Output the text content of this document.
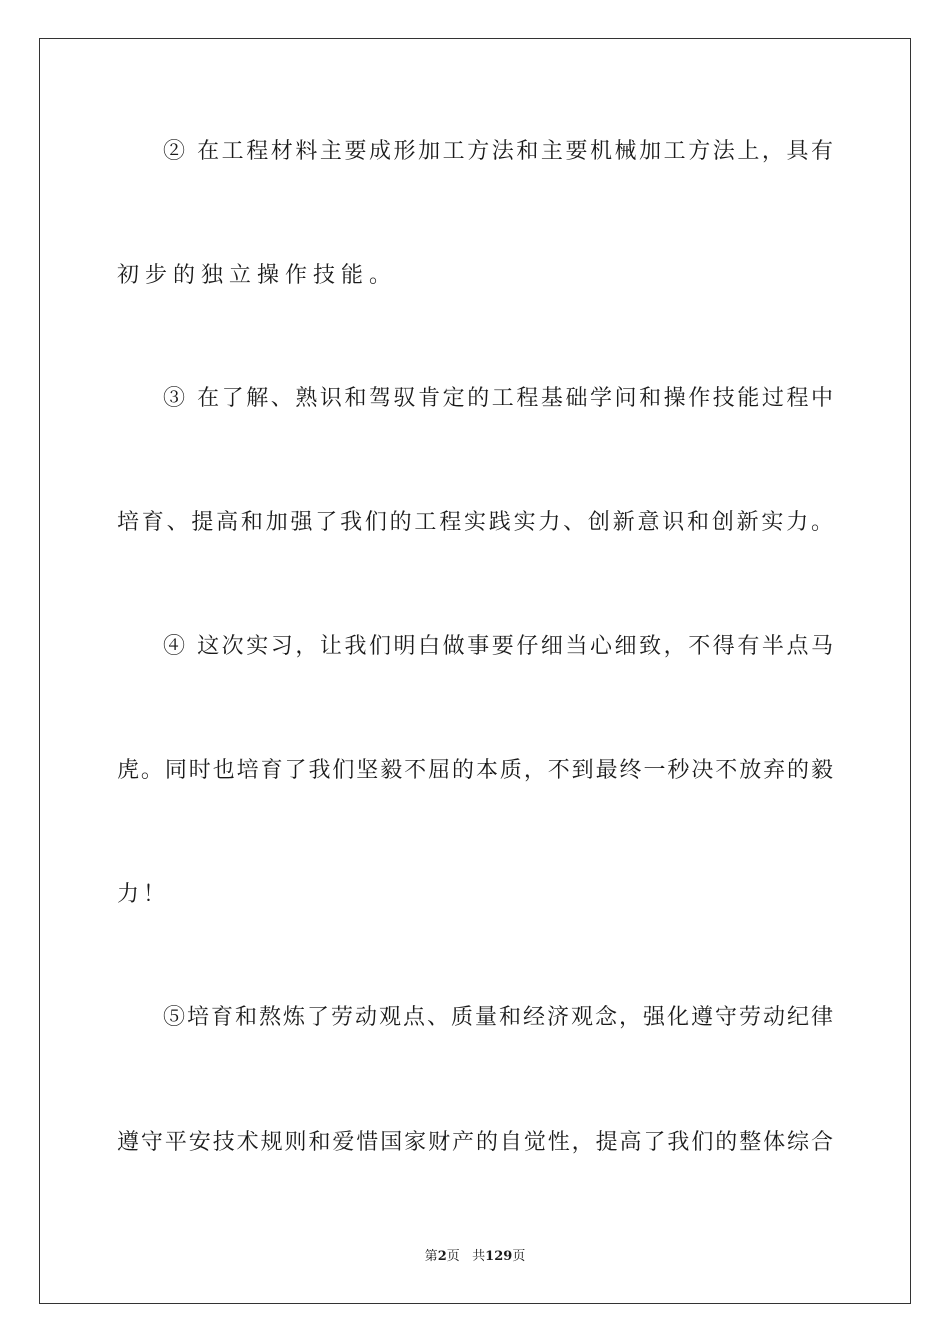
② 在工程材料主要成形加工方法和主要机械加工方法上，具有
初步的独立操作技能。
③ 在了解、熟识和驾驭肯定的工程基础学问和操作技能过程中
培育、提高和加强了我们的工程实践实力、创新意识和创新实力。
④ 这次实习，让我们明白做事要仔细当心细致，不得有半点马
虎。同时也培育了我们坚毅不屈的本质，不到最终一秒决不放弃的毅
力！
⑤培育和熬炼了劳动观点、质量和经济观念，强化遵守劳动纪律
遵守平安技术规则和爱惜国家财产的自觉性，提高了我们的整体综合
第2页 共129页
